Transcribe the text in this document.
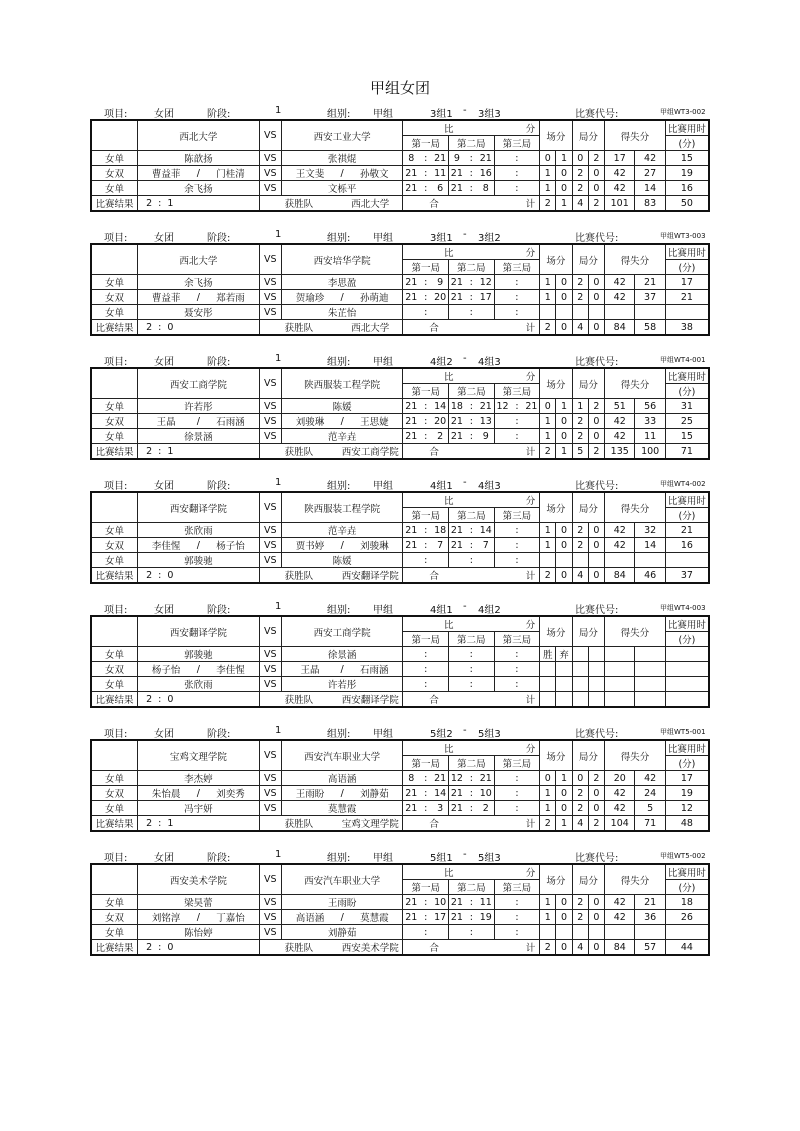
甲组女团
项目:	女团	阶段:	1	组别: 甲组	3组1 - 3组3	比赛代号:	甲组WT3-002
	西北大学			VS	西安工业大学			比						分			场分		局分		得失分		比赛用时
								第一局			第二局			第三局									(分)
女单	陈歆扬			VS	张祺焜			8	:	21	9	:	21		:		0	1	0	2	17	42	15
女双	曹益菲	/	门桂清	VS	王文斐	/	孙敬文	21	:	11	21	:	16		:		1	0	2	0	42	27	19
女单	余飞扬			VS	文栎平			21	:	6	21	:	8		:		1	0	2	0	42	14	16
比赛结果	2 : 1			获胜队		西北大学		合				计					2	1	4	2	101	83	50
项目:	女团	阶段:	1	组别: 甲组	3组1 - 3组2	比赛代号:	甲组WT3-003
	西北大学			VS	西安培华学院			比						分			场分		局分		得失分		比赛用时
								第一局			第二局			第三局									(分)
女单	余飞扬			VS	李思盈			21	:	9	21	:	12		:		1	0	2	0	42	21	17
女双	曹益菲	/	郑若雨	VS	贺瑜珍	/	孙萌迪	21	:	20	21	:	17		:		1	0	2	0	42	37	21
女单	聂安彤			VS	朱芷怡				:			:			:								
比赛结果	2 : 0			获胜队		西北大学		合				计					2	0	4	0	84	58	38
项目:	女团	阶段:	1	组别: 甲组	4组2 - 4组3	比赛代号:	甲组WT4-001
	西安工商学院			VS	陕西服装工程学院			比						分			场分		局分		得失分		比赛用时
								第一局			第二局			第三局									(分)
女单	许若彤			VS	陈媛			21	:	14	18	:	21	12	:	21	0	1	1	2	51	56	31
女双	王晶	/	石雨涵	VS	刘骏琳	/	王思婕	21	:	20	21	:	13		:		1	0	2	0	42	33	25
女单	徐景涵			VS	范辛垚			21	:	2	21	:	9		:		1	0	2	0	42	11	15
比赛结果	2 : 1			获胜队		西安工商学院		合				计					2	1	5	2	135	100	71
项目:	女团	阶段:	1	组别: 甲组	4组1 - 4组3	比赛代号:	甲组WT4-002
	西安翻译学院			VS	陕西服装工程学院			比						分			场分		局分		得失分		比赛用时
								第一局			第二局			第三局									(分)
女单	张欣雨			VS	范辛垚			21	:	18	21	:	14		:		1	0	2	0	42	32	21
女双	李佳惺	/	杨子怡	VS	贾书婷	/	刘骏琳	21	:	7	21	:	7		:		1	0	2	0	42	14	16
女单	郭骏驰			VS	陈媛				:			:			:								
比赛结果	2 : 0			获胜队		西安翻译学院		合				计					2	0	4	0	84	46	37
项目:	女团	阶段:	1	组别: 甲组	4组1 - 4组2	比赛代号:	甲组WT4-003
	西安翻译学院			VS	西安工商学院			比						分			场分		局分		得失分		比赛用时
								第一局			第二局			第三局									(分)
女单	郭骏驰			VS	徐景涵				:			:			:		胜	弃					
女双	杨子怡	/	李佳惺	VS	王晶	/	石雨涵		:			:			:								
女单	张欣雨			VS	许若彤				:			:			:								
比赛结果	2 : 0			获胜队		西安翻译学院		合				计											
项目:	女团	阶段:	1	组别: 甲组	5组2 - 5组3	比赛代号:	甲组WT5-001
	宝鸡文理学院			VS	西安汽车职业大学			比						分			场分		局分		得失分		比赛用时
								第一局			第二局			第三局									(分)
女单	李杰婷			VS	高语涵			8	:	21	12	:	21		:		0	1	0	2	20	42	17
女双	朱怡晨	/	刘奕秀	VS	王雨盼	/	刘静茹	21	:	14	21	:	10		:		1	0	2	0	42	24	19
女单	冯宇妍			VS	莫慧霞			21	:	3	21	:	2		:		1	0	2	0	42	5	12
比赛结果	2 : 1			获胜队		宝鸡文理学院		合				计					2	1	4	2	104	71	48
项目:	女团	阶段:	1	组别: 甲组	5组1 - 5组3	比赛代号:	甲组WT5-002
	西安美术学院			VS	西安汽车职业大学			比						分			场分		局分		得失分		比赛用时
								第一局			第二局			第三局									(分)
女单	梁昊蕾			VS	王雨盼			21	:	10	21	:	11		:		1	0	2	0	42	21	18
女双	刘铭淳	/	丁嘉怡	VS	高语涵	/	莫慧霞	21	:	17	21	:	19		:		1	0	2	0	42	36	26
女单	陈怡婷			VS	刘静茹				:			:			:								
比赛结果	2 : 0			获胜队		西安美术学院		合				计					2	0	4	0	84	57	44
